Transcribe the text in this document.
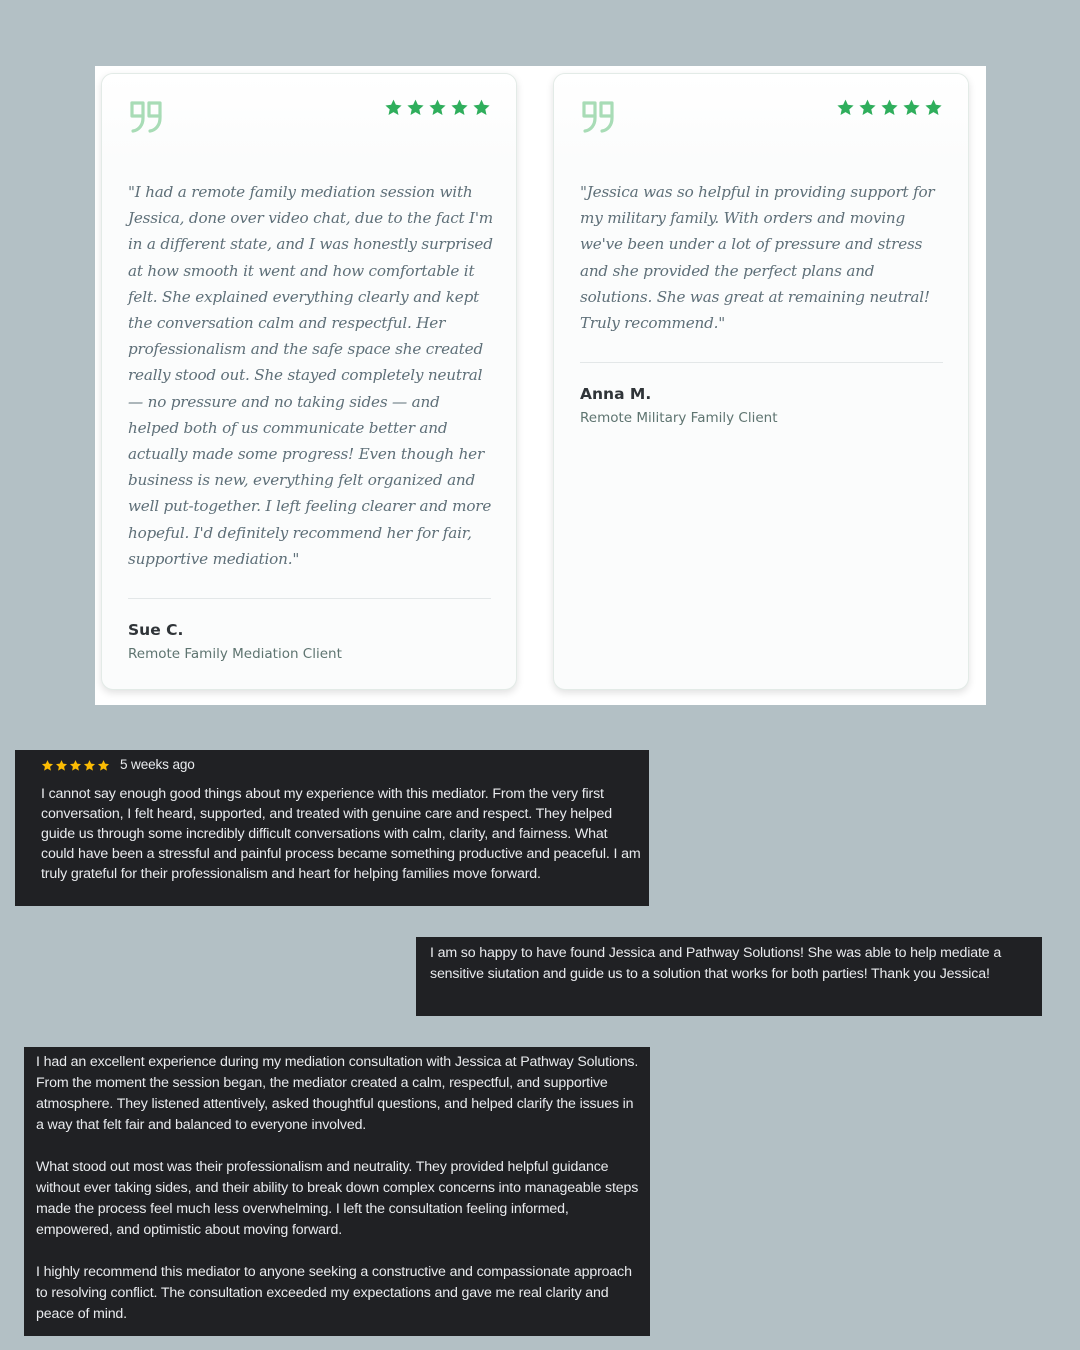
"I had a remote family mediation session with Jessica, done over video chat, due to the fact I'm in a different state, and I was honestly surprised at how smooth it went and how comfortable it felt. She explained everything clearly and kept the conversation calm and respectful. Her professionalism and the safe space she created really stood out. She stayed completely neutral — no pressure and no taking sides — and helped both of us communicate better and actually made some progress! Even though her business is new, everything felt organized and well put-together. I left feeling clearer and more hopeful. I'd definitely recommend her for fair, supportive mediation."

Sue C.
Remote Family Mediation Client

"Jessica was so helpful in providing support for my military family. With orders and moving we've been under a lot of pressure and stress and she provided the perfect plans and solutions. She was great at remaining neutral! Truly recommend."

Anna M.
Remote Military Family Client
5 weeks ago

I cannot say enough good things about my experience with this mediator. From the very first conversation, I felt heard, supported, and treated with genuine care and respect. They helped guide us through some incredibly difficult conversations with calm, clarity, and fairness. What could have been a stressful and painful process became something productive and peaceful. I am truly grateful for their professionalism and heart for helping families move forward.

I am so happy to have found Jessica and Pathway Solutions! She was able to help mediate a sensitive siutation and guide us to a solution that works for both parties! Thank you Jessica!

I had an excellent experience during my mediation consultation with Jessica at Pathway Solutions. From the moment the session began, the mediator created a calm, respectful, and supportive atmosphere. They listened attentively, asked thoughtful questions, and helped clarify the issues in a way that felt fair and balanced to everyone involved.

What stood out most was their professionalism and neutrality. They provided helpful guidance without ever taking sides, and their ability to break down complex concerns into manageable steps made the process feel much less overwhelming. I left the consultation feeling informed, empowered, and optimistic about moving forward.

I highly recommend this mediator to anyone seeking a constructive and compassionate approach to resolving conflict. The consultation exceeded my expectations and gave me real clarity and peace of mind.
